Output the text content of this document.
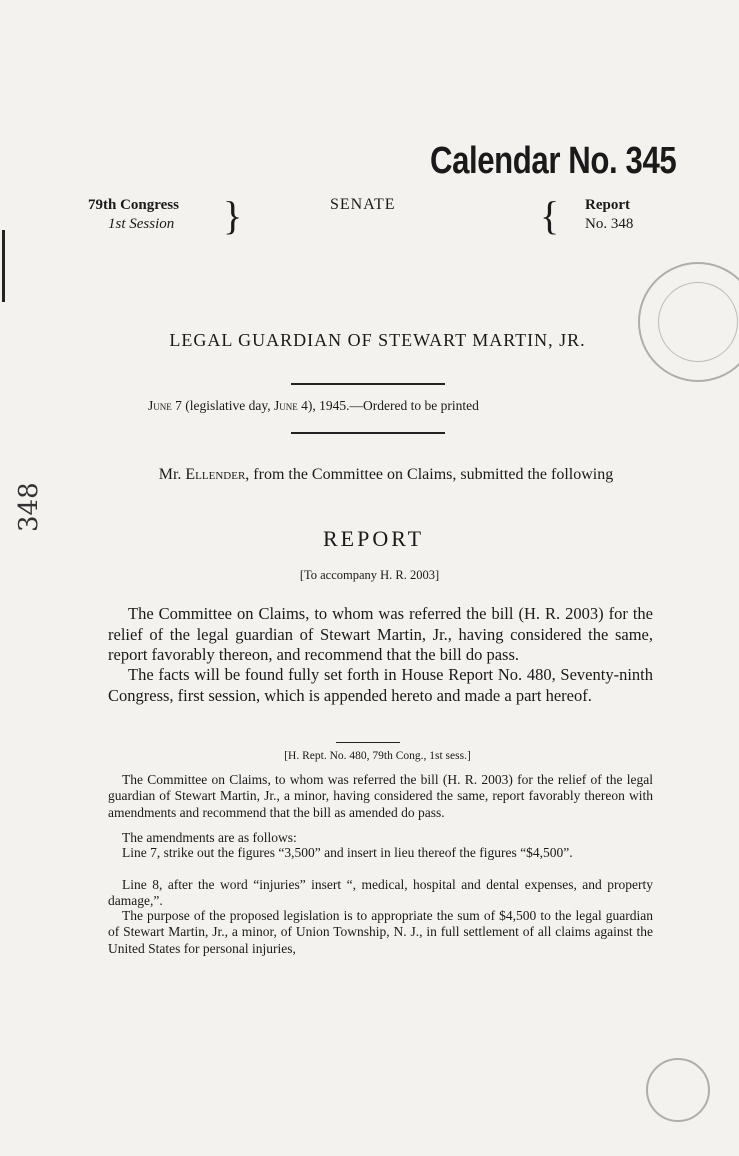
Calendar No. 345
79th Congress
1st Session }	SENATE	{ Report
No. 348
LEGAL GUARDIAN OF STEWART MARTIN, JR.
June 7 (legislative day, June 4), 1945.—Ordered to be printed
Mr. Ellender, from the Committee on Claims, submitted the following
REPORT
[To accompany H. R. 2003]

The Committee on Claims, to whom was referred the bill (H. R. 2003) for the relief of the legal guardian of Stewart Martin, Jr., having considered the same, report favorably thereon, and recommend that the bill do pass.

The facts will be found fully set forth in House Report No. 480, Seventy-ninth Congress, first session, which is appended hereto and made a part hereof.

[H. Rept. No. 480, 79th Cong., 1st sess.]

The Committee on Claims, to whom was referred the bill (H. R. 2003) for the relief of the legal guardian of Stewart Martin, Jr., a minor, having considered the same, report favorably thereon with amendments and recommend that the bill as amended do pass.

The amendments are as follows:

Line 7, strike out the figures “3,500” and insert in lieu thereof the figures “$4,500”.

Line 8, after the word “injuries” insert “, medical, hospital and dental expenses, and property damage,”.

The purpose of the proposed legislation is to appropriate the sum of $4,500 to the legal guardian of Stewart Martin, Jr., a minor, of Union Township, N. J., in full settlement of all claims against the United States for personal injuries,

348
